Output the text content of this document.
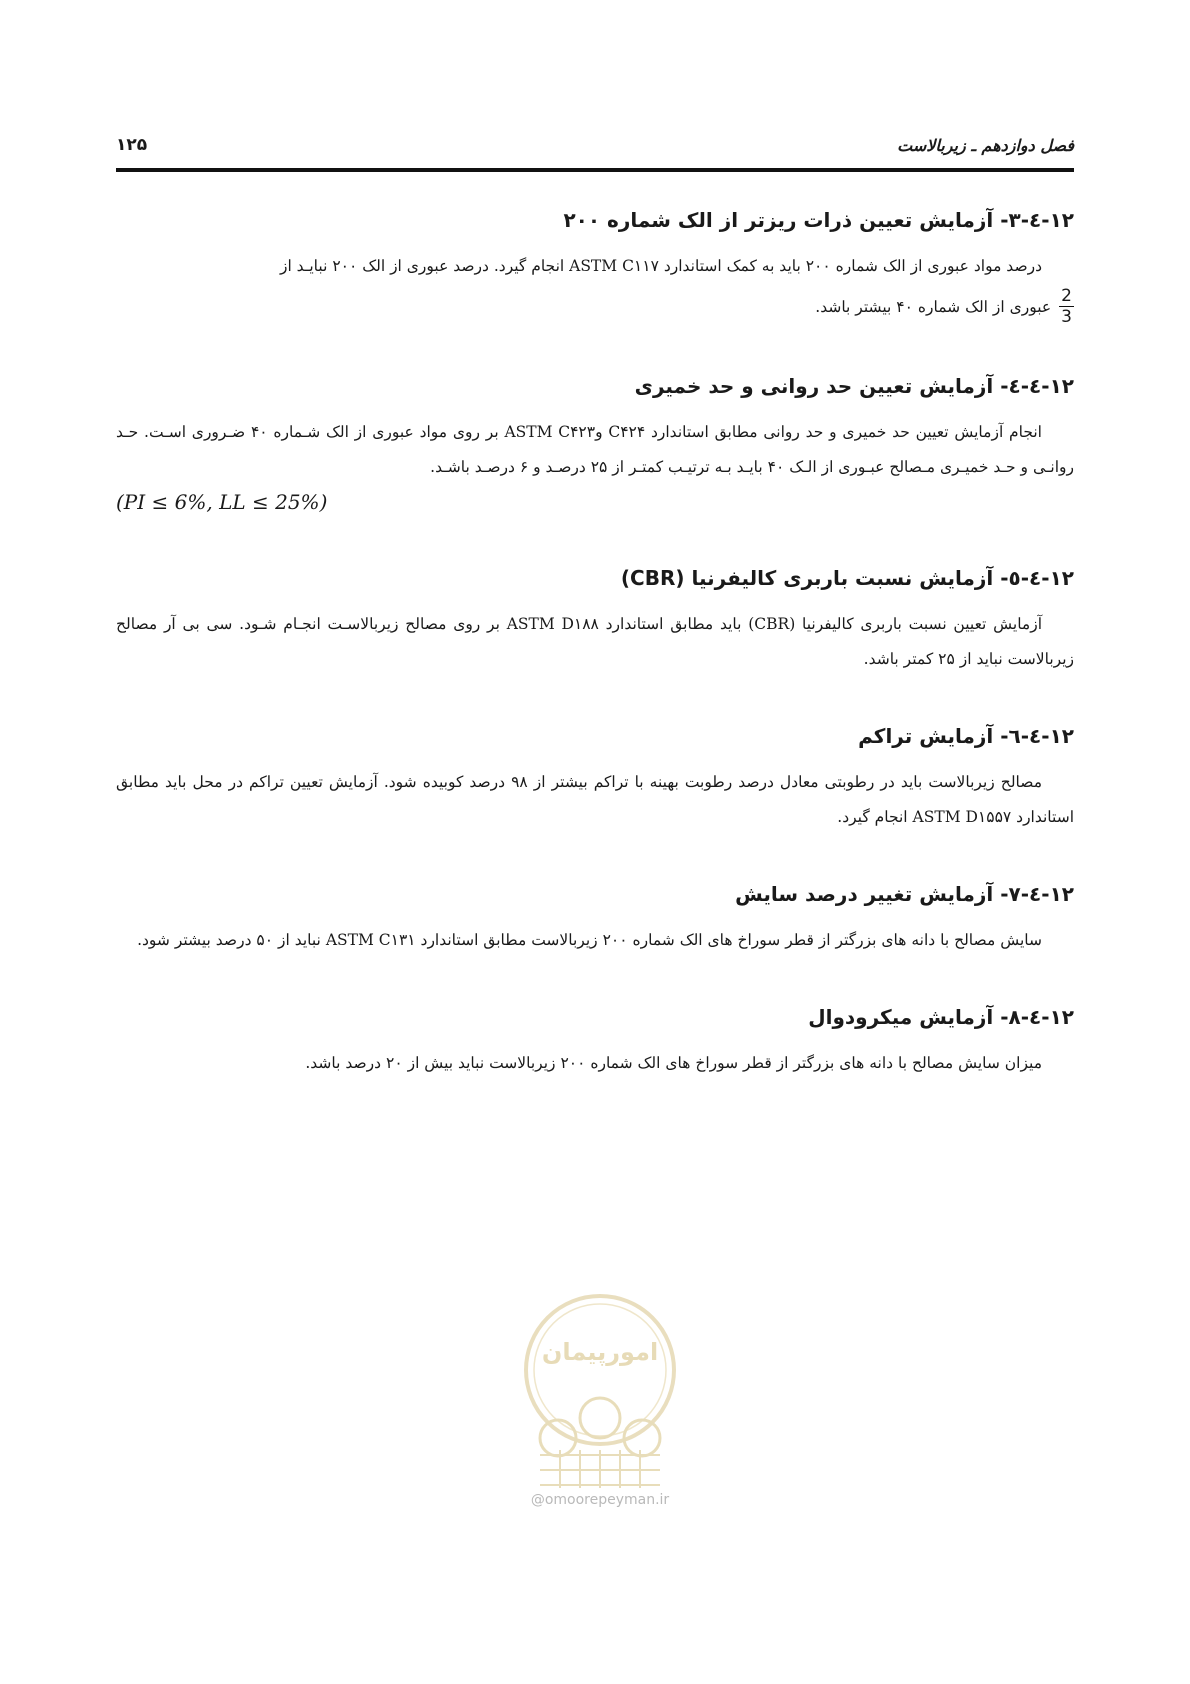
فصل دوازدهم ـ زیربالاست
۱۲۵
۱۲-٤-۳- آزمایش تعیین ذرات ریزتر از الک شماره ۲۰۰

درصد مواد عبوری از الک شماره ۲۰۰ باید به کمک استاندارد ASTM C۱۱۷ انجام گیرد. درصد عبوری از الک ۲۰۰ نبایـد از

$\frac{2}{3}$
عبوری از الک شماره ۴۰ بیشتر باشد.
۱۲-٤-٤- آزمایش تعیین حد روانی و حد خمیری

انجام آزمایش تعیین حد خمیری و حد روانی مطابق استاندارد C۴۲۴ وASTM C۴۲۳ بر روی مواد عبوری از الک شـماره ۴۰ ضـروری اسـت. حـد روانـی و حـد خمیـری مـصالح عبـوری از الـک ۴۰ بایـد بـه ترتیـب کمتـر از ۲۵ درصـد و ۶ درصـد باشـد.

(PI ≤ 6%, LL ≤ 25%)

۱۲-٤-٥- آزمایش نسبت باربری کالیفرنیا (CBR)

آزمایش تعیین نسبت باربری کالیفرنیا (CBR) باید مطابق استاندارد ASTM D۱۸۸ بر روی مصالح زیربالاسـت انجـام شـود. سی بی آر مصالح زیربالاست نباید از ۲۵ کمتر باشد.

۱۲-٤-٦- آزمایش تراکم

مصالح زیربالاست باید در رطوبتی معادل درصد رطوبت بهینه با تراکم بیشتر از ۹۸ درصد کوبیده شود. آزمایش تعیین تراکم در محل باید مطابق استاندارد ASTM D۱۵۵۷ انجام گیرد.

۱۲-٤-۷- آزمایش تغییر درصد سایش

سایش مصالح با دانه های بزرگتر از قطر سوراخ های الک شماره ۲۰۰ زیربالاست مطابق استاندارد ASTM C۱۳۱ نباید از ۵۰ درصد بیشتر شود.

۱۲-٤-۸- آزمایش میکرودوال

میزان سایش مصالح با دانه های بزرگتر از قطر سوراخ های الک شماره ۲۰۰ زیربالاست نباید بیش از ۲۰ درصد باشد.

امورپیمان
@omoorepeyman.ir
